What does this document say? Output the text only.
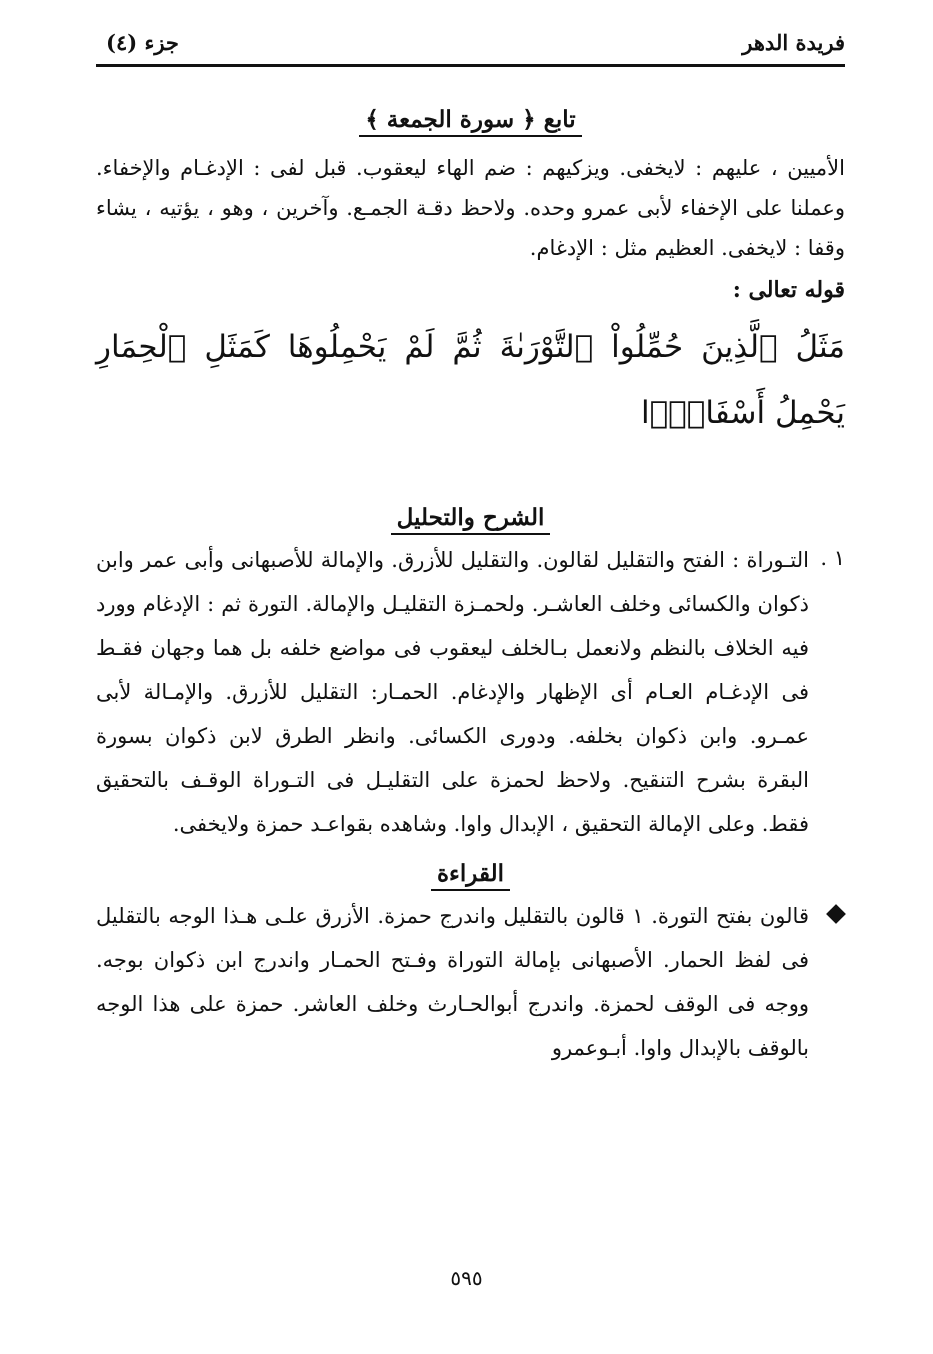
فريدة الدهر
جزء (٤)
تابع ﴿ سورة الجمعة ﴾

الأمیین ، علیهم : لایخفی. ویزکیهم : ضم الهاء لیعقوب. قبل لفی : الإدغـام والإخفاء. وعملنا علی الإخفاء لأبی عمرو وحده. ولاحظ دقـة الجمـع. وآخرین ، وهو ، یؤتیه ، یشاء وقفا : لایخفی. العظیم مثل : الإدغام.

قوله تعالی :
مَثَلُ ٱلَّذِينَ حُمِّلُواْ ٱلتَّوْرَىٰةَ ثُمَّ لَمْ يَحْمِلُوهَا كَمَثَلِ ٱلْحِمَارِ يَحْمِلُ أَسْفَارًۢا
الشرح والتحلیل
١ .

التـوراة : الفتح والتقلیل لقالون. والتقلیل للأزرق. والإمالة للأصبهانی وأبی عمر وابن ذکوان والکسائی وخلف العاشـر. ولحمـزة التقلیـل والإمالة. التورة ثم : الإدغام وورد فیه الخلاف بالنظم ولانعمل بـالخلف لیعقوب فی مواضع خلفه بل هما وجهان فقـط فی الإدغـام العـام أی الإظهار والإدغام. الحمـار: التقلیل للأزرق. والإمـالة لأبی عمـرو. وابن ذکوان بخلفه. ودوری الکسائی. وانظر الطرق لابن ذکوان بسورة البقرة بشرح التنقیح. ولاحظ لحمزة علی التقلیـل فی التـوراة الوقـف بالتحقیق فقط. وعلی الإمالة التحقیق ، الإبدال واوا. وشاهده بقواعـد حمزة ولایخفی.

القراءة

قالون بفتح التورة. ١ قالون بالتقلیل واندرج حمزة. الأزرق علـی هـذا الوجه بالتقلیل فی لفظ الحمار. الأصبهانی بإمالة التوراة وفـتح الحمـار واندرج ابن ذکوان بوجه. ووجه فی الوقف لحمزة. واندرج أبوالحـارث وخلف العاشر. حمزة علی هذا الوجه بالوقف بالإبدال واوا. أبـوعمرو

٥٩٥
